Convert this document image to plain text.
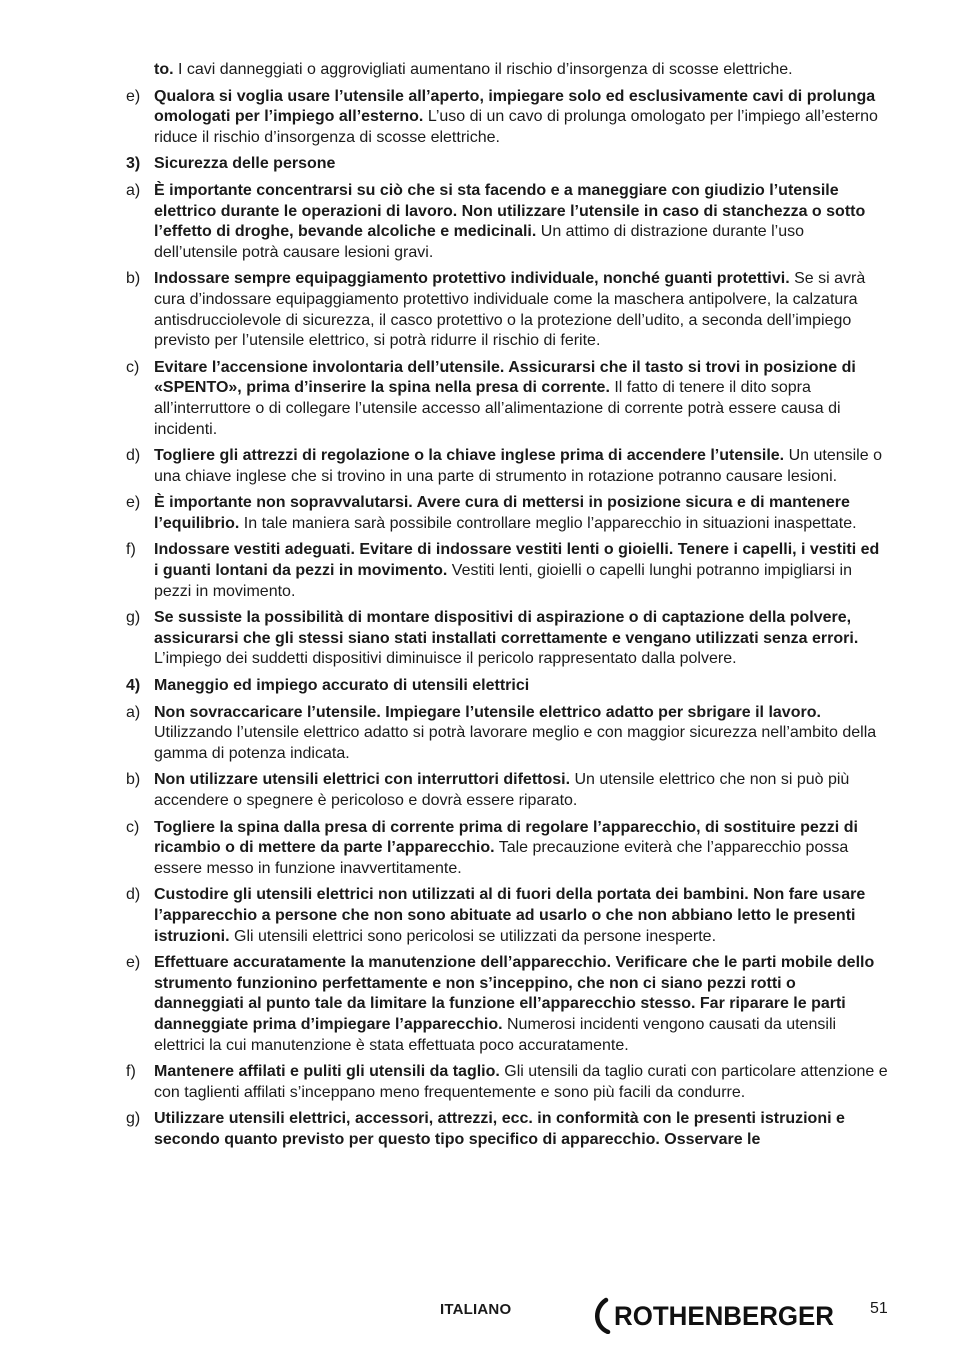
to. I cavi danneggiati o aggrovigliati aumentano il rischio d’insorgenza di scosse elettriche.
e) Qualora si voglia usare l’utensile all’aperto, impiegare solo ed esclusivamente cavi di prolunga omologati per l’impiego all’esterno. L’uso di un cavo di prolunga omologato per l’impiego all’esterno riduce il rischio d’insorgenza di scosse elettriche.
3) Sicurezza delle persone
a) È importante concentrarsi su ciò che si sta facendo e a maneggiare con giudizio l’utensile elettrico durante le operazioni di lavoro. Non utilizzare l’utensile in caso di stanchezza o sotto l’effetto di droghe, bevande alcoliche e medicinali. Un attimo di distrazione durante l’uso dell’utensile potrà causare lesioni gravi.
b) Indossare sempre equipaggiamento protettivo individuale, nonché guanti protettivi. Se si avrà cura d’indossare equipaggiamento protettivo individuale come la maschera antipolvere, la calzatura antisdrucciolevole di sicurezza, il casco protettivo o la protezione dell’udito, a seconda dell’impiego previsto per l’utensile elettrico, si potrà ridurre il rischio di ferite.
c) Evitare l’accensione involontaria dell’utensile. Assicurarsi che il tasto si trovi in posizione di «SPENTO», prima d’inserire la spina nella presa di corrente. Il fatto di tenere il dito sopra all’interruttore o di collegare l’utensile accesso all’alimentazione di corrente potrà essere causa di incidenti.
d) Togliere gli attrezzi di regolazione o la chiave inglese prima di accendere l’utensile. Un utensile o una chiave inglese che si trovino in una parte di strumento in rotazione potranno causare lesioni.
e) È importante non sopravvalutarsi. Avere cura di mettersi in posizione sicura e di mantenere l’equilibrio. In tale maniera sarà possibile controllare meglio l’apparecchio in situazioni inaspettate.
f) Indossare vestiti adeguati. Evitare di indossare vestiti lenti o gioielli. Tenere i capelli, i vestiti ed i guanti lontani da pezzi in movimento. Vestiti lenti, gioielli o capelli lunghi potranno impigliarsi in pezzi in movimento.
g) Se sussiste la possibilità di montare dispositivi di aspirazione o di captazione della polvere, assicurarsi che gli stessi siano stati installati correttamente e vengano utilizzati senza errori. L’impiego dei suddetti dispositivi diminuisce il pericolo rappresentato dalla polvere.
4) Maneggio ed impiego accurato di utensili elettrici
a) Non sovraccaricare l’utensile. Impiegare l’utensile elettrico adatto per sbrigare il lavoro. Utilizzando l’utensile elettrico adatto si potrà lavorare meglio e con maggior sicurezza nell’ambito della gamma di potenza indicata.
b) Non utilizzare utensili elettrici con interruttori difettosi. Un utensile elettrico che non si può più accendere o spegnere è pericoloso e dovrà essere riparato.
c) Togliere la spina dalla presa di corrente prima di regolare l’apparecchio, di sostituire pezzi di ricambio o di mettere da parte l’apparecchio. Tale precauzione eviterà che l’apparecchio possa essere messo in funzione inavvertitamente.
d) Custodire gli utensili elettrici non utilizzati al di fuori della portata dei bambini. Non fare usare l’apparecchio a persone che non sono abituate ad usarlo o che non abbiano letto le presenti istruzioni. Gli utensili elettrici sono pericolosi se utilizzati da persone inesperte.
e) Effettuare accuratamente la manutenzione dell’apparecchio. Verificare che le parti mobile dello strumento funzionino perfettamente e non s’inceppino, che non ci siano pezzi rotti o danneggiati al punto tale da limitare la funzione ell’apparecchio stesso. Far riparare le parti danneggiate prima d’impiegare l’apparecchio. Numerosi incidenti vengono causati da utensili elettrici la cui manutenzione è stata effettuata poco accuratamente.
f) Mantenere affilati e puliti gli utensili da taglio. Gli utensili da taglio curati con particolare attenzione e con taglienti affilati s’inceppano meno frequentemente e sono più facili da condurre.
g) Utilizzare utensili elettrici, accessori, attrezzi, ecc. in conformità con le presenti istruzioni e secondo quanto previsto per questo tipo specifico di apparecchio. Osservare le
ITALIANO	ROTHENBERGER 51
